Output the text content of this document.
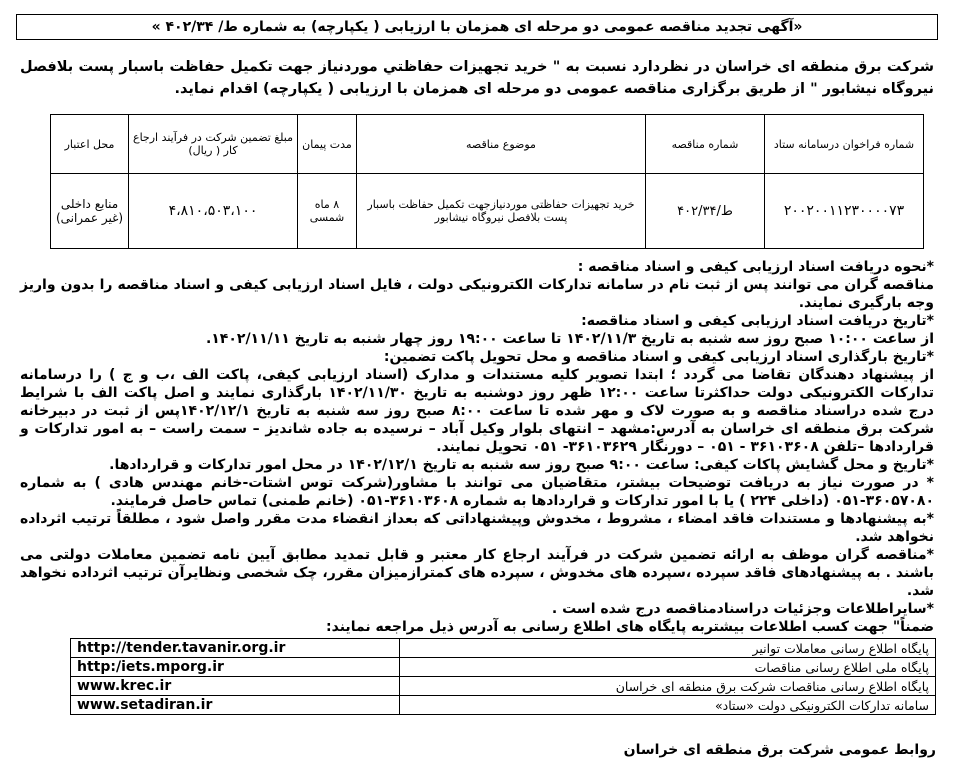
«آگهی تجدید مناقصه عمومی دو مرحله ای همزمان با ارزیابی ( یکپارچه) به شماره ط/ ۴۰۲/۳۴ »
شرکت برق منطقه ای خراسان در نظردارد نسبت به " خرید تجهیزات حفاظتي موردنياز جهت تكميل حفاظت باسبار پست بلافصل نيروگاه نيشابور " از طريق برگزاری مناقصه عمومی دو مرحله ای همزمان با ارزیابی ( یکپارچه) اقدام نماید.
شماره فراخوان درسامانه ستاد	شماره مناقصه	موضوع مناقصه	مدت پیمان	مبلغ تضمین شرکت در فرآیند ارجاع کار ( ریال)	محل اعتبار
۲۰۰۲۰۰۱۱۲۳۰۰۰۰۷۳	ط/۴۰۲/۳۴	خرید تجهیزات حفاظتی موردنیازجهت تکمیل حفاظت باسبار پست بلافصل نیروگاه نیشابور	۸ ماه شمسی	۴،۸۱۰،۵۰۳،۱۰۰	منابع داخلی (غیر عمرانی)

*نحوه دریافت اسناد ارزیابی کیفی و اسناد مناقصه :

مناقصه گران می توانند پس از ثبت نام در سامانه تدارکات الکترونیکی دولت ، فایل اسناد ارزیابی کیفی و اسناد مناقصه را بدون واریز وجه بارگیری نمایند.

*تاریخ دریافت اسناد ارزیابی کیفی و اسناد مناقصه:

از ساعت ۱۰:۰۰ صبح روز سه شنبه به تاریخ ۱۴۰۲/۱۱/۳ تا ساعت ۱۹:۰۰ روز چهار شنبه به تاریخ ۱۴۰۲/۱۱/۱۱.

*تاریخ بارگذاری اسناد ارزیابی کیفی و اسناد مناقصه و محل تحویل پاکت تضمین:

از پیشنهاد دهندگان تقاضا می گردد ؛ ابتدا تصویر کلیه مستندات و مدارک (اسناد ارزیابی کیفی، پاکت الف ،ب و ج ) را درسامانه تدارکات الکترونیکی دولت حداکثرتا ساعت ۱۲:۰۰ ظهر روز دوشنبه به تاریخ ۱۴۰۲/۱۱/۳۰ بارگذاری نمایند و اصل پاکت الف با شرایط درج شده دراسناد مناقصه و به صورت لاک و مهر شده تا ساعت ۸:۰۰ صبح روز سه شنبه به تاریخ ۱۴۰۲/۱۲/۱پس از ثبت در دبیرخانه شرکت برق منطقه ای خراسان به آدرس:مشهد – انتهای بلوار وکیل آباد – نرسیده به جاده شاندیز – سمت راست – به امور تدارکات و قراردادها –تلفن ۳۶۱۰۳۶۰۸ - ۰۵۱ – دورنگار ۳۶۱۰۳۶۲۹- ۰۵۱ تحویل نمایند.

*تاریخ و محل گشایش پاکات کیفی: ساعت ۹:۰۰ صبح روز سه شنبه به تاریخ ۱۴۰۲/۱۲/۱ در محل امور تدارکات و قراردادها.

* در صورت نیاز به دریافت توضیحات بیشتر، متقاضیان می توانند با مشاور(شرکت توس اشتات-خانم مهندس هادی ) به شماره ۳۶۰۵۷۰۸۰-۰۵۱ (داخلی ۲۲۴ ) یا با امور تدارکات و قراردادها به شماره ۳۶۱۰۳۶۰۸-۰۵۱ (خانم طمنی) تماس حاصل فرمایند.

*به پیشنهادها و مستندات فاقد امضاء ، مشروط ، مخدوش وپیشنهاداتی که بعداز انقضاء مدت مقرر واصل شود ، مطلقاً ترتیب اثرداده نخواهد شد.

*مناقصه گران موظف به ارائه تضمین شرکت در فرآیند ارجاع کار معتبر و قابل تمدید مطابق آیین نامه تضمین معاملات دولتی می باشند . به پیشنهادهای فاقد سپرده ،سپرده های مخدوش ، سپرده های کمترازمیزان مقرر، چک شخصی ونظایرآن ترتیب اثرداده نخواهد شد.

*سایراطلاعات وجزئیات دراسنادمناقصه درج شده است .

ضمناً" جهت کسب اطلاعات بیشتربه پایگاه های اطلاع رسانی به آدرس ذیل مراجعه نمایند:

http://tender.tavanir.org.ir	پایگاه اطلاع رسانی معاملات توانیر
http:/iets.mporg.ir	پایگاه ملی اطلاع رسانی مناقصات
www.krec.ir	پایگاه اطلاع رسانی مناقصات شرکت برق منطقه ای خراسان
www.setadiran.ir	سامانه تدارکات الکترونیکی دولت «ستاد»
روابط عمومی شرکت برق منطقه ای خراسان
